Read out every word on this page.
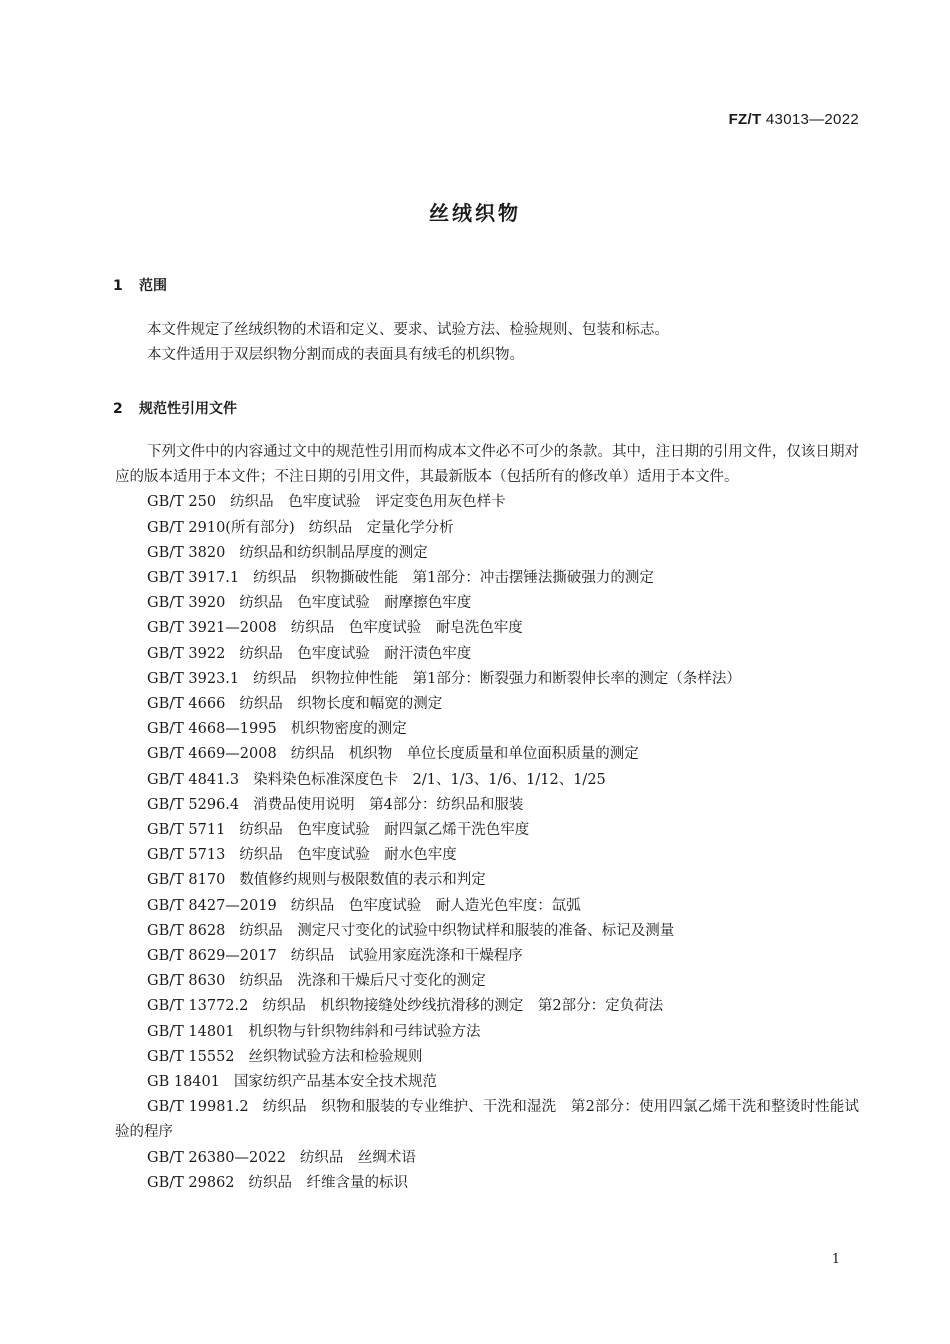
FZ/T 43013—2022
丝绒织物
1 范围

本文件规定了丝绒织物的术语和定义、要求、试验方法、检验规则、包装和标志。

本文件适用于双层织物分割而成的表面具有绒毛的机织物。

2 规范性引用文件

下列文件中的内容通过文中的规范性引用而构成本文件必不可少的条款。其中，注日期的引用文件，仅该日期对应的版本适用于本文件；不注日期的引用文件，其最新版本（包括所有的修改单）适用于本文件。

GB/T 250 纺织品　色牢度试验　评定变色用灰色样卡

GB/T 2910(所有部分) 纺织品　定量化学分析

GB/T 3820 纺织品和纺织制品厚度的测定

GB/T 3917.1 纺织品　织物撕破性能　第1部分：冲击摆锤法撕破强力的测定

GB/T 3920 纺织品　色牢度试验　耐摩擦色牢度

GB/T 3921—2008 纺织品　色牢度试验　耐皂洗色牢度

GB/T 3922 纺织品　色牢度试验　耐汗渍色牢度

GB/T 3923.1 纺织品　织物拉伸性能　第1部分：断裂强力和断裂伸长率的测定（条样法）

GB/T 4666 纺织品　织物长度和幅宽的测定

GB/T 4668—1995 机织物密度的测定

GB/T 4669—2008 纺织品　机织物　单位长度质量和单位面积质量的测定

GB/T 4841.3 染料染色标准深度色卡　2/1、1/3、1/6、1/12、1/25

GB/T 5296.4 消费品使用说明　第4部分：纺织品和服装

GB/T 5711 纺织品　色牢度试验　耐四氯乙烯干洗色牢度

GB/T 5713 纺织品　色牢度试验　耐水色牢度

GB/T 8170 数值修约规则与极限数值的表示和判定

GB/T 8427—2019 纺织品　色牢度试验　耐人造光色牢度：氙弧

GB/T 8628 纺织品　测定尺寸变化的试验中织物试样和服装的准备、标记及测量

GB/T 8629—2017 纺织品　试验用家庭洗涤和干燥程序

GB/T 8630 纺织品　洗涤和干燥后尺寸变化的测定

GB/T 13772.2 纺织品　机织物接缝处纱线抗滑移的测定　第2部分：定负荷法

GB/T 14801 机织物与针织物纬斜和弓纬试验方法

GB/T 15552 丝织物试验方法和检验规则

GB 18401 国家纺织产品基本安全技术规范

GB/T 19981.2 纺织品　织物和服装的专业维护、干洗和湿洗　第2部分：使用四氯乙烯干洗和整烫时性能试验的程序

GB/T 26380—2022 纺织品　丝绸术语

GB/T 29862 纺织品　纤维含量的标识

1
